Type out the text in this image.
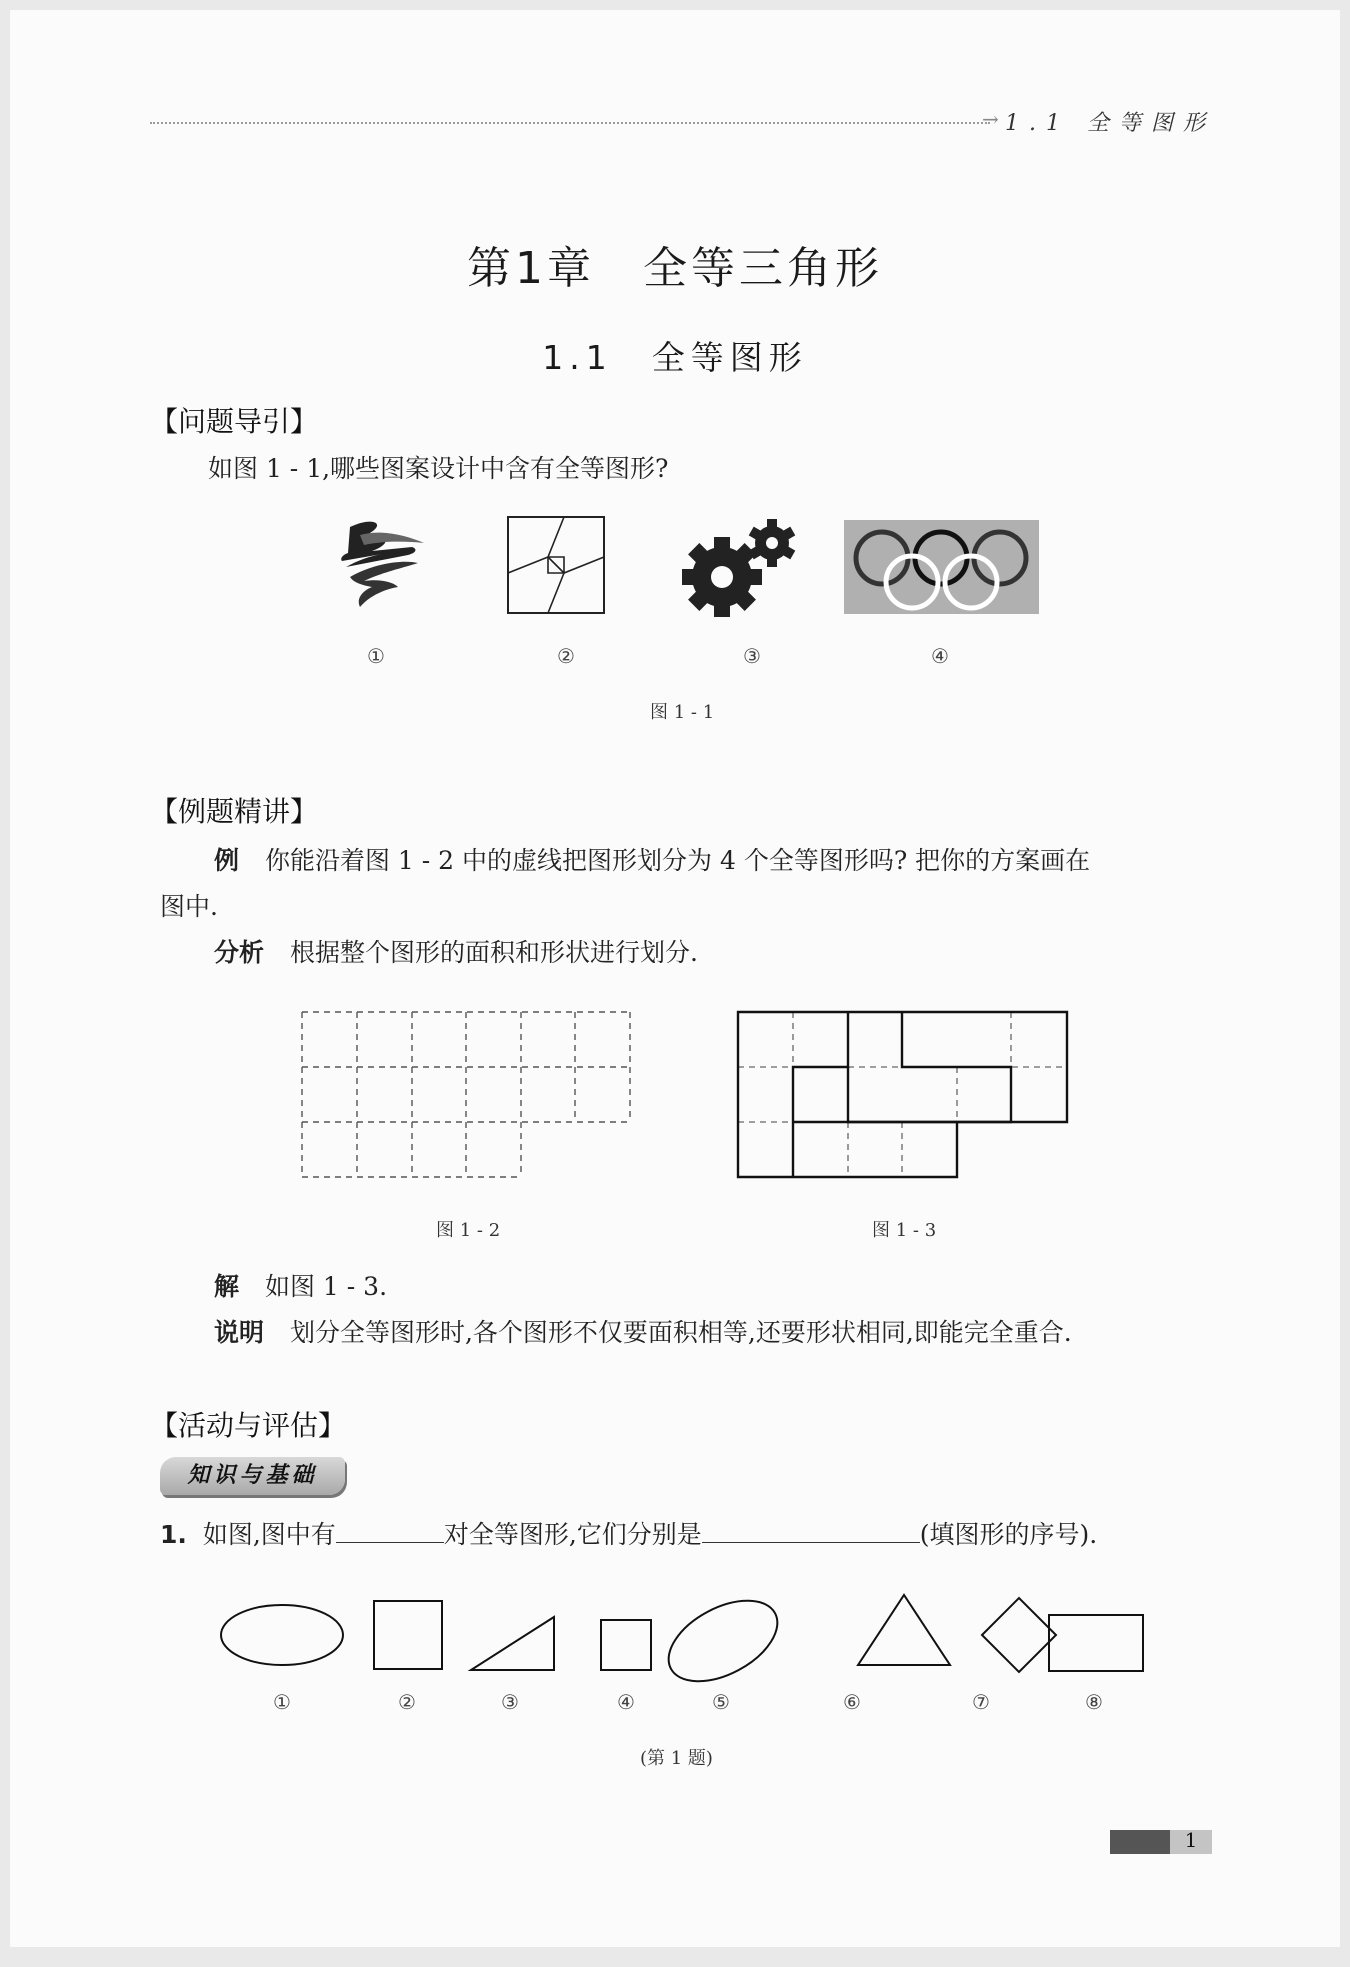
→ 1.1 全等图形
第1章　全等三角形
1.1　全等图形
【问题导引】
如图 1 - 1,哪些图案设计中含有全等图形?
①	②	③	④
图 1 - 1
【例题精讲】
例 你能沿着图 1 - 2 中的虚线把图形划分为 4 个全等图形吗? 把你的方案画在
图中.
分析 根据整个图形的面积和形状进行划分.
图 1 - 2	图 1 - 3
解 如图 1 - 3.
说明 划分全等图形时,各个图形不仅要面积相等,还要形状相同,即能完全重合.
【活动与评估】
知识与基础
1. 如图,图中有	对全等图形,它们分别是	(填图形的序号).
①	②	③	④	⑤	⑥	⑦	⑧
(第 1 题)
1
